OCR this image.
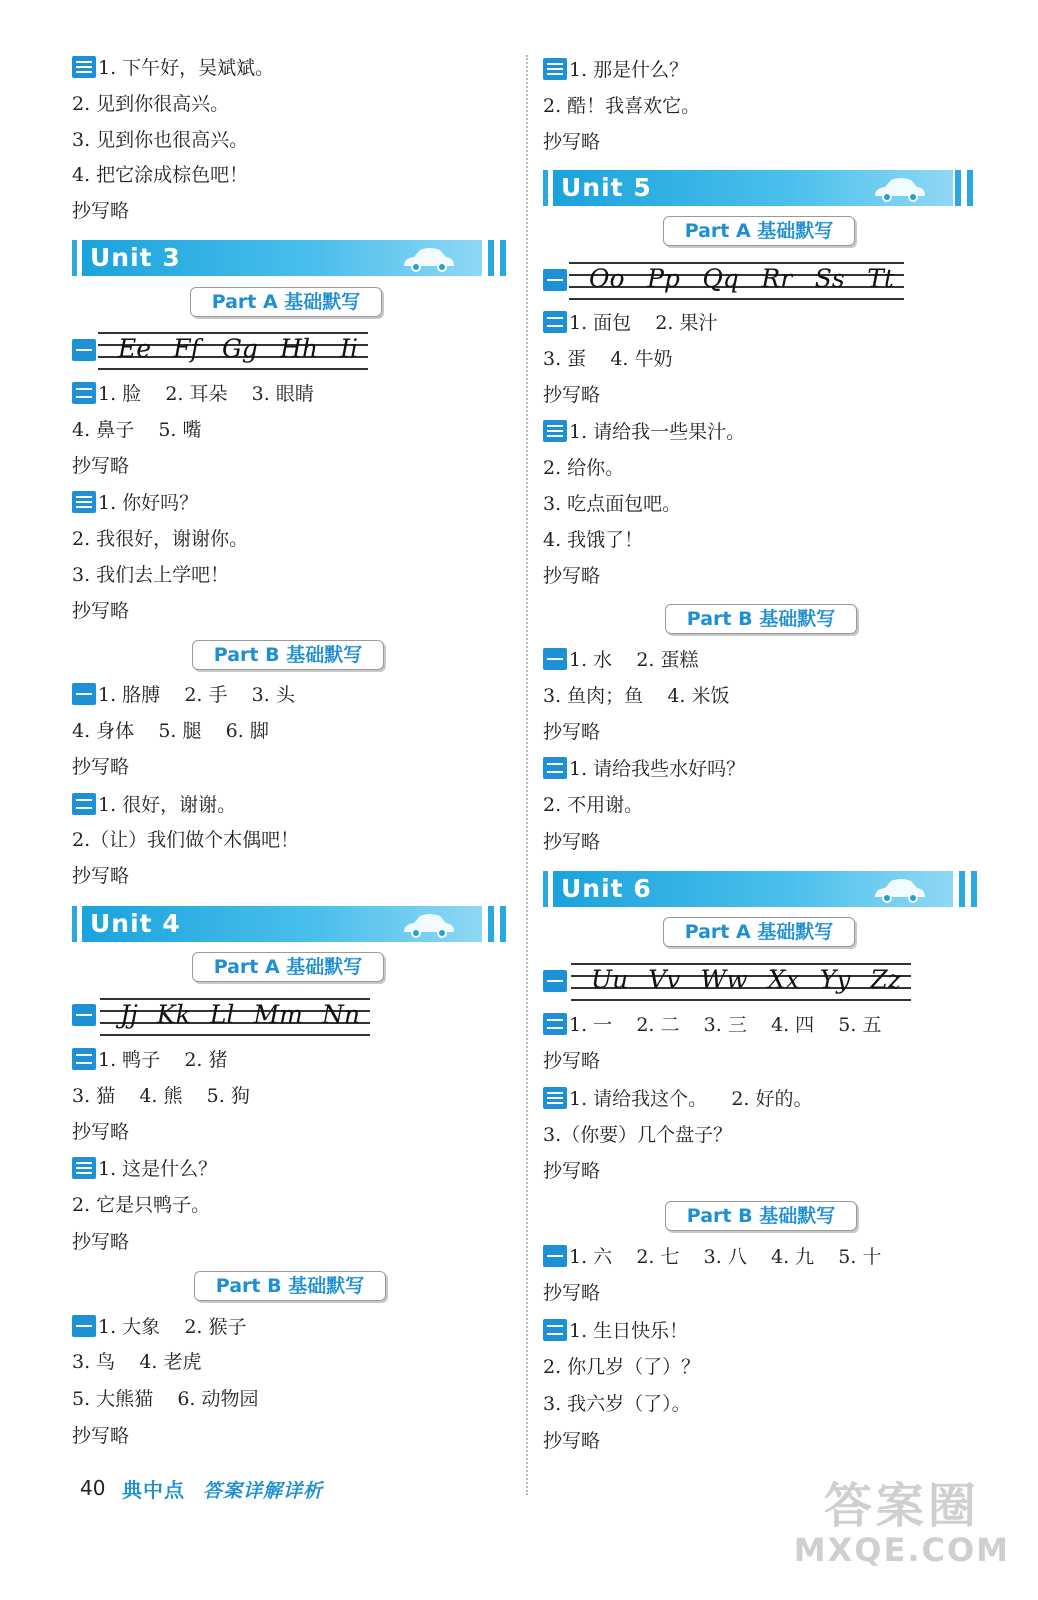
1. 下午好，吴斌斌。
2. 见到你很高兴。
3. 见到你也很高兴。
4. 把它涂成棕色吧！
抄写略
Unit 3
Part A 基础默写
Ee Ff Gg Hh Ii
1. 脸    2. 耳朵    3. 眼睛
4. 鼻子    5. 嘴
抄写略
1. 你好吗？
2. 我很好，谢谢你。
3. 我们去上学吧！
抄写略
Part B 基础默写
1. 胳膊    2. 手    3. 头
4. 身体    5. 腿    6. 脚
抄写略
1. 很好，谢谢。
2.（让）我们做个木偶吧！
抄写略
Unit 4
Part A 基础默写
Jj Kk Ll Mm Nn
1. 鸭子    2. 猪
3. 猫    4. 熊    5. 狗
抄写略
1. 这是什么？
2. 它是只鸭子。
抄写略
Part B 基础默写
1. 大象    2. 猴子
3. 鸟    4. 老虎
5. 大熊猫    6. 动物园
抄写略
1. 那是什么？
2. 酷！我喜欢它。
抄写略
Unit 5
Part A 基础默写
Oo Pp Qq Rr Ss Tt
1. 面包    2. 果汁
3. 蛋    4. 牛奶
抄写略
1. 请给我一些果汁。
2. 给你。
3. 吃点面包吧。
4. 我饿了！
抄写略
Part B 基础默写
1. 水    2. 蛋糕
3. 鱼肉；鱼    4. 米饭
抄写略
1. 请给我些水好吗？
2. 不用谢。
抄写略
Unit 6
Part A 基础默写
Uu Vv Ww Xx Yy Zz
1. 一    2. 二    3. 三    4. 四    5. 五
抄写略
1. 请给我这个。    2. 好的。
3.（你要）几个盘子？
抄写略
Part B 基础默写
1. 六    2. 七    3. 八    4. 九    5. 十
抄写略
1. 生日快乐！
2. 你几岁（了）？
3. 我六岁（了）。
抄写略
40 典中点 答案详解详析	答案圈
MXQE.COM
